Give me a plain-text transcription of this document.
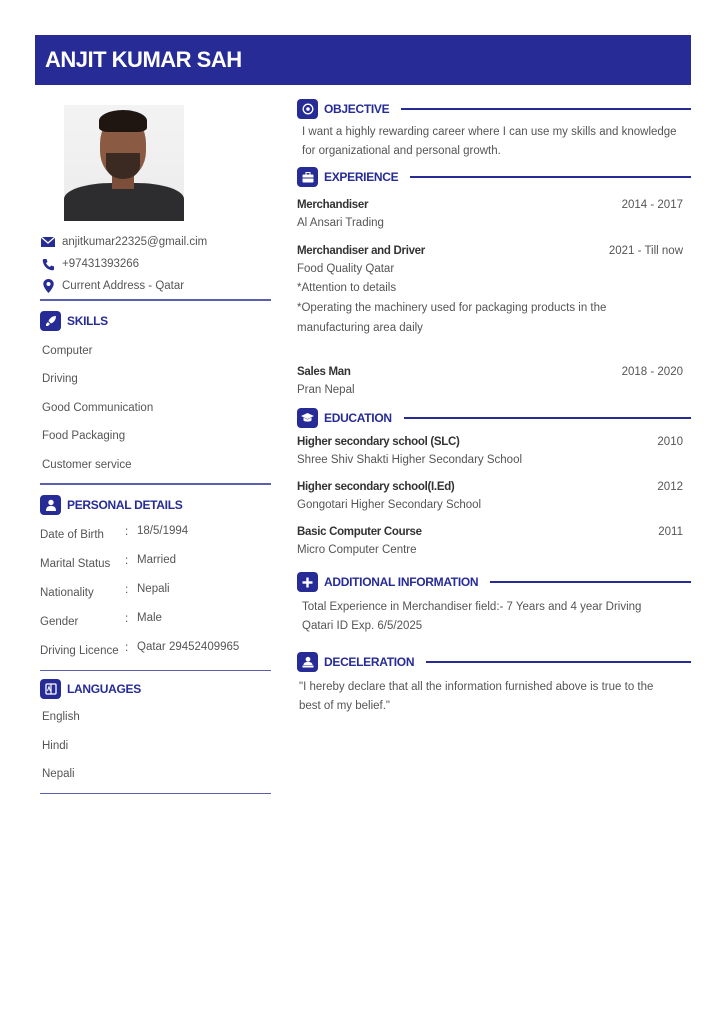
ANJIT KUMAR SAH
anjitkumar22325@gmail.cim
+97431393266
Current Address - Qatar
SKILLS
Computer
Driving
Good Communication
Food Packaging
Customer service
PERSONAL DETAILS
Date of Birth	: 18/5/1994
Marital Status	: Married
Nationality	: Nepali
Gender	: Male
Driving Licence : Qatar 29452409965
LANGUAGES
English
Hindi
Nepali
OBJECTIVE

I want a highly rewarding career where I can use my skills and knowledge for organizational and personal growth.

EXPERIENCE
Merchandiser	2014 - 2017
Al Ansari Trading
Merchandiser and Driver	2021 - Till now
Food Quality Qatar
*Attention to details
*Operating the machinery used for packaging products in the manufacturing area daily
Sales Man	2018 - 2020
Pran Nepal
EDUCATION
Higher secondary school (SLC)	2010
Shree Shiv Shakti Higher Secondary School
Higher secondary school(I.Ed)	2012
Gongotari Higher Secondary School
Basic Computer Course	2011
Micro Computer Centre
ADDITIONAL INFORMATION
Total Experience in Merchandiser field:- 7 Years and 4 year Driving
Qatari ID Exp. 6/5/2025
DECELERATION

"I hereby declare that all the information furnished above is true to the best of my belief."
